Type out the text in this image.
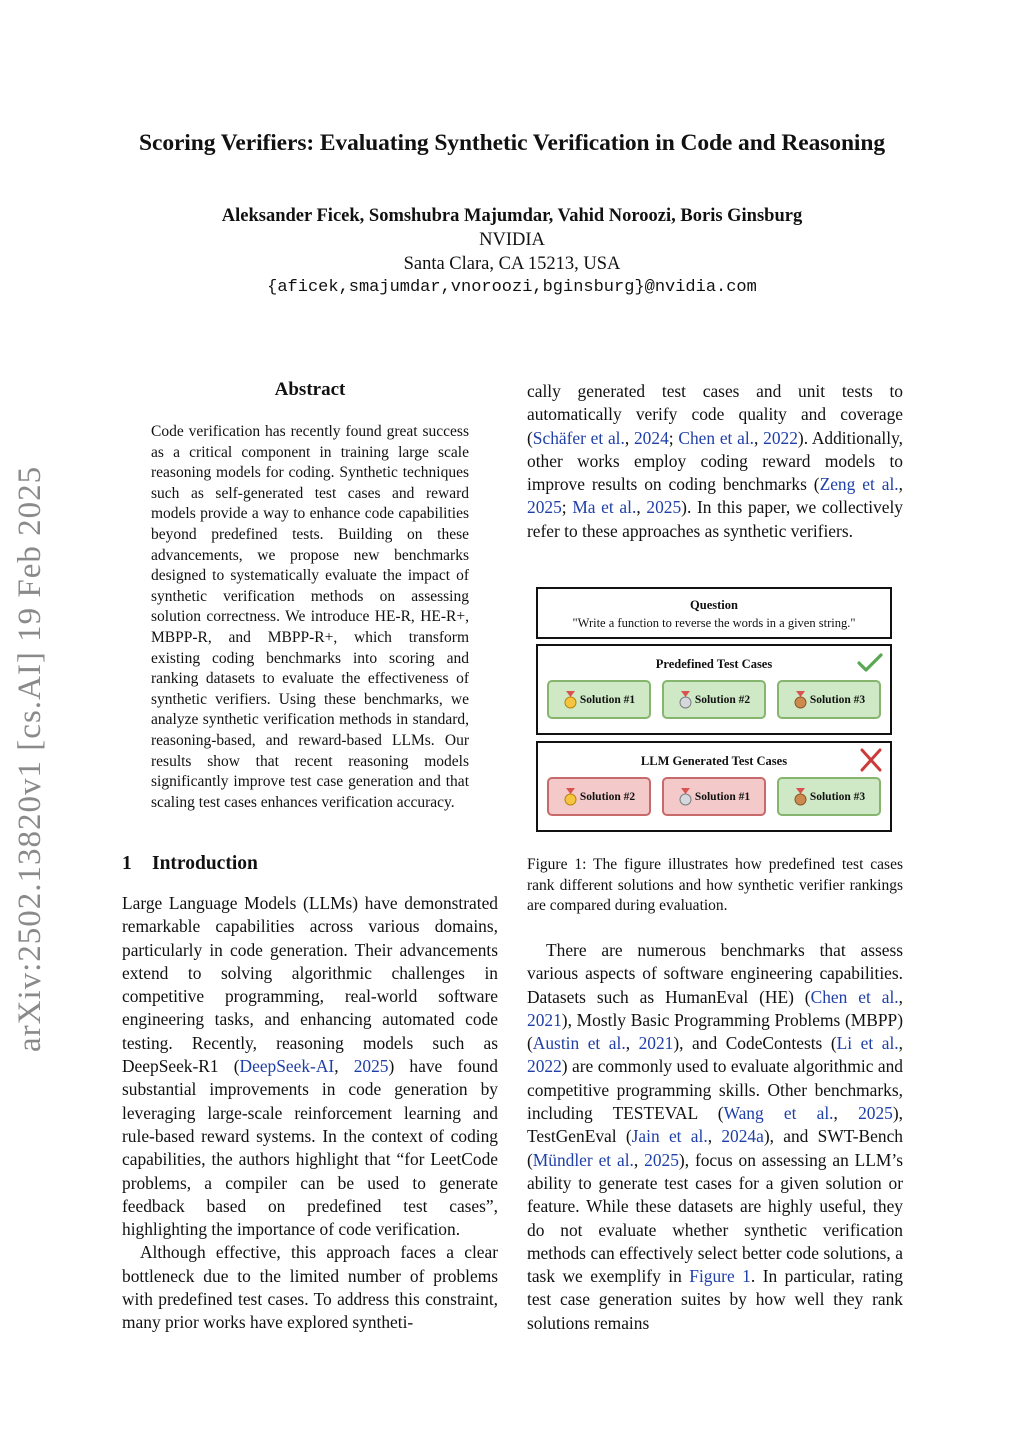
Scoring Verifiers: Evaluating Synthetic Verification in Code and Reasoning
Aleksander Ficek, Somshubra Majumdar, Vahid Noroozi, Boris Ginsburg
NVIDIA
Santa Clara, CA 15213, USA
{aficek,smajumdar,vnoroozi,bginsburg}@nvidia.com
arXiv:2502.13820v1 [cs.AI] 19 Feb 2025
Abstract
Code verification has recently found great success as a critical component in training large scale reasoning models for coding. Synthetic techniques such as self-generated test cases and reward models provide a way to enhance code capabilities beyond predefined tests. Building on these advancements, we propose new benchmarks designed to systematically evaluate the impact of synthetic verification methods on assessing solution correctness. We introduce HE-R, HE-R+, MBPP-R, and MBPP-R+, which transform existing coding benchmarks into scoring and ranking datasets to evaluate the effectiveness of synthetic verifiers. Using these benchmarks, we analyze synthetic verification methods in standard, reasoning-based, and reward-based LLMs. Our results show that recent reasoning models significantly improve test case generation and that scaling test cases enhances verification accuracy.
1 Introduction

Large Language Models (LLMs) have demonstrated remarkable capabilities across various domains, particularly in code generation. Their advancements extend to solving algorithmic challenges in competitive programming, real-world software engineering tasks, and enhancing automated code testing. Recently, reasoning models such as DeepSeek-R1 (DeepSeek-AI, 2025) have found substantial improvements in code generation by leveraging large-scale reinforcement learning and rule-based reward systems. In the context of coding capabilities, the authors highlight that “for LeetCode problems, a compiler can be used to generate feedback based on predefined test cases”, highlighting the importance of code verification.

Although effective, this approach faces a clear bottleneck due to the limited number of problems with predefined test cases. To address this constraint, many prior works have explored syntheti-

cally generated test cases and unit tests to automatically verify code quality and coverage (Schäfer et al., 2024; Chen et al., 2022). Additionally, other works employ coding reward models to improve results on coding benchmarks (Zeng et al., 2025; Ma et al., 2025). In this paper, we collectively refer to these approaches as synthetic verifiers.

Question
"Write a function to reverse the words in a given string."
Predefined Test Cases
Solution #1	Solution #2	Solution #3
LLM Generated Test Cases
Solution #2	Solution #1	Solution #3
Figure 1: The figure illustrates how predefined test cases rank different solutions and how synthetic verifier rankings are compared during evaluation.

There are numerous benchmarks that assess various aspects of software engineering capabilities. Datasets such as HumanEval (HE) (Chen et al., 2021), Mostly Basic Programming Problems (MBPP) (Austin et al., 2021), and CodeContests (Li et al., 2022) are commonly used to evaluate algorithmic and competitive programming skills. Other benchmarks, including TESTEVAL (Wang et al., 2025), TestGenEval (Jain et al., 2024a), and SWT-Bench (Mündler et al., 2025), focus on assessing an LLM’s ability to generate test cases for a given solution or feature. While these datasets are highly useful, they do not evaluate whether synthetic verification methods can effectively select better code solutions, a task we exemplify in Figure 1. In particular, rating test case generation suites by how well they rank solutions remains
